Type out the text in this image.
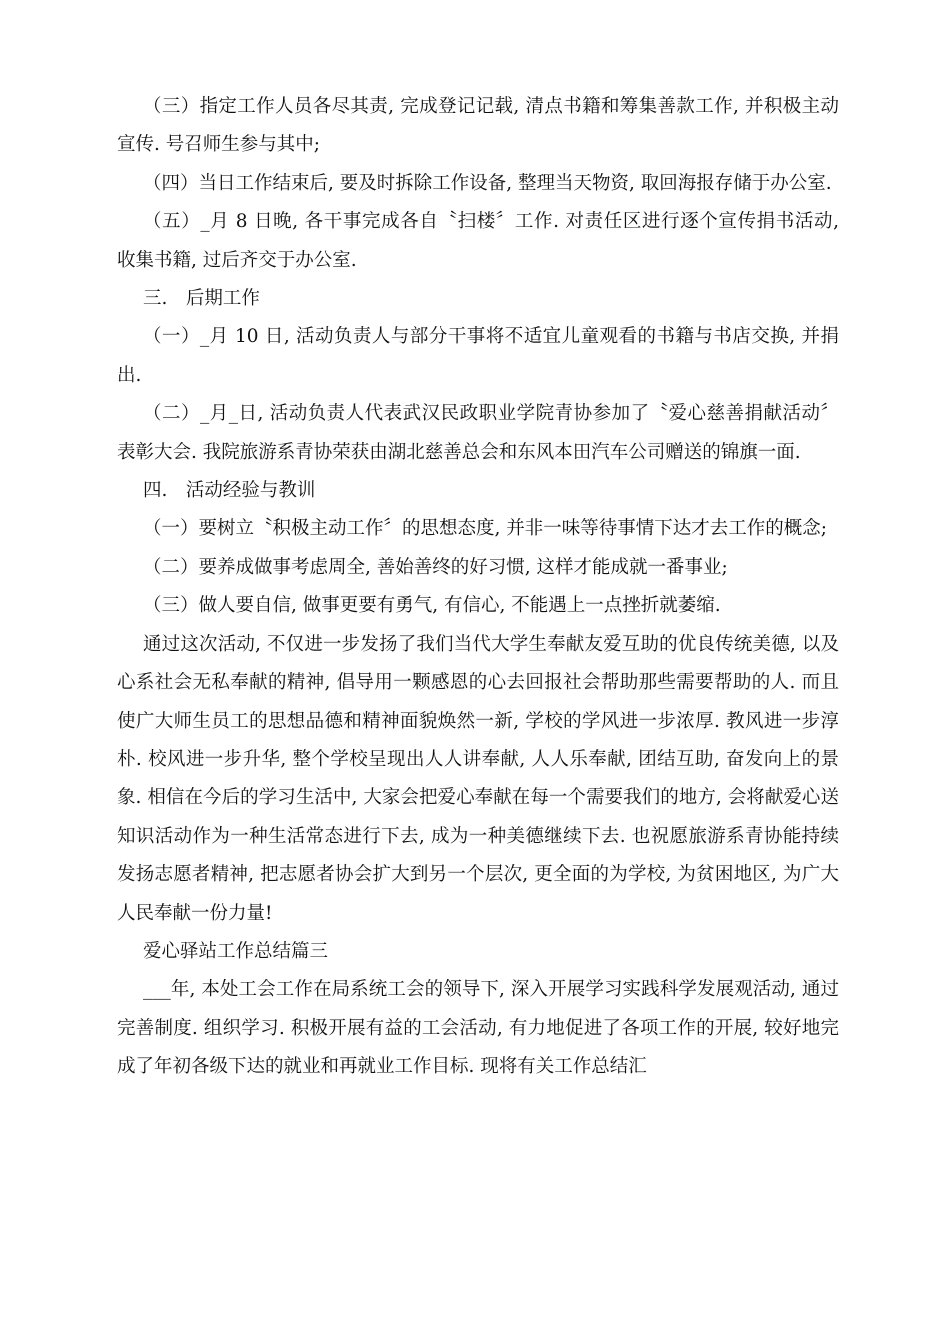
（三）指定工作人员各尽其责, 完成登记记载, 清点书籍和筹集善款工作, 并积极主动宣传. 号召师生参与其中;

（四）当日工作结束后, 要及时拆除工作设备, 整理当天物资, 取回海报存储于办公室.

（五）_月 8 日晚, 各干事完成各自〝扫楼〞工作. 对责任区进行逐个宣传捐书活动, 收集书籍, 过后齐交于办公室.

三.　后期工作

（一）_月 10 日, 活动负责人与部分干事将不适宜儿童观看的书籍与书店交换, 并捐出.

（二）_月_日, 活动负责人代表武汉民政职业学院青协参加了〝爱心慈善捐献活动〞表彰大会. 我院旅游系青协荣获由湖北慈善总会和东风本田汽车公司赠送的锦旗一面.

四.　活动经验与教训

（一）要树立〝积极主动工作〞的思想态度, 并非一味等待事情下达才去工作的概念;

（二）要养成做事考虑周全, 善始善终的好习惯, 这样才能成就一番事业;

（三）做人要自信, 做事更要有勇气, 有信心, 不能遇上一点挫折就萎缩.

通过这次活动, 不仅进一步发扬了我们当代大学生奉献友爱互助的优良传统美德, 以及心系社会无私奉献的精神, 倡导用一颗感恩的心去回报社会帮助那些需要帮助的人. 而且使广大师生员工的思想品德和精神面貌焕然一新, 学校的学风进一步浓厚. 教风进一步淳朴. 校风进一步升华, 整个学校呈现出人人讲奉献, 人人乐奉献, 团结互助, 奋发向上的景象. 相信在今后的学习生活中, 大家会把爱心奉献在每一个需要我们的地方, 会将献爱心送知识活动作为一种生活常态进行下去, 成为一种美德继续下去. 也祝愿旅游系青协能持续发扬志愿者精神, 把志愿者协会扩大到另一个层次, 更全面的为学校, 为贫困地区, 为广大人民奉献一份力量!

爱心驿站工作总结篇三

___年, 本处工会工作在局系统工会的领导下, 深入开展学习实践科学发展观活动, 通过完善制度. 组织学习. 积极开展有益的工会活动, 有力地促进了各项工作的开展, 较好地完成了年初各级下达的就业和再就业工作目标. 现将有关工作总结汇
